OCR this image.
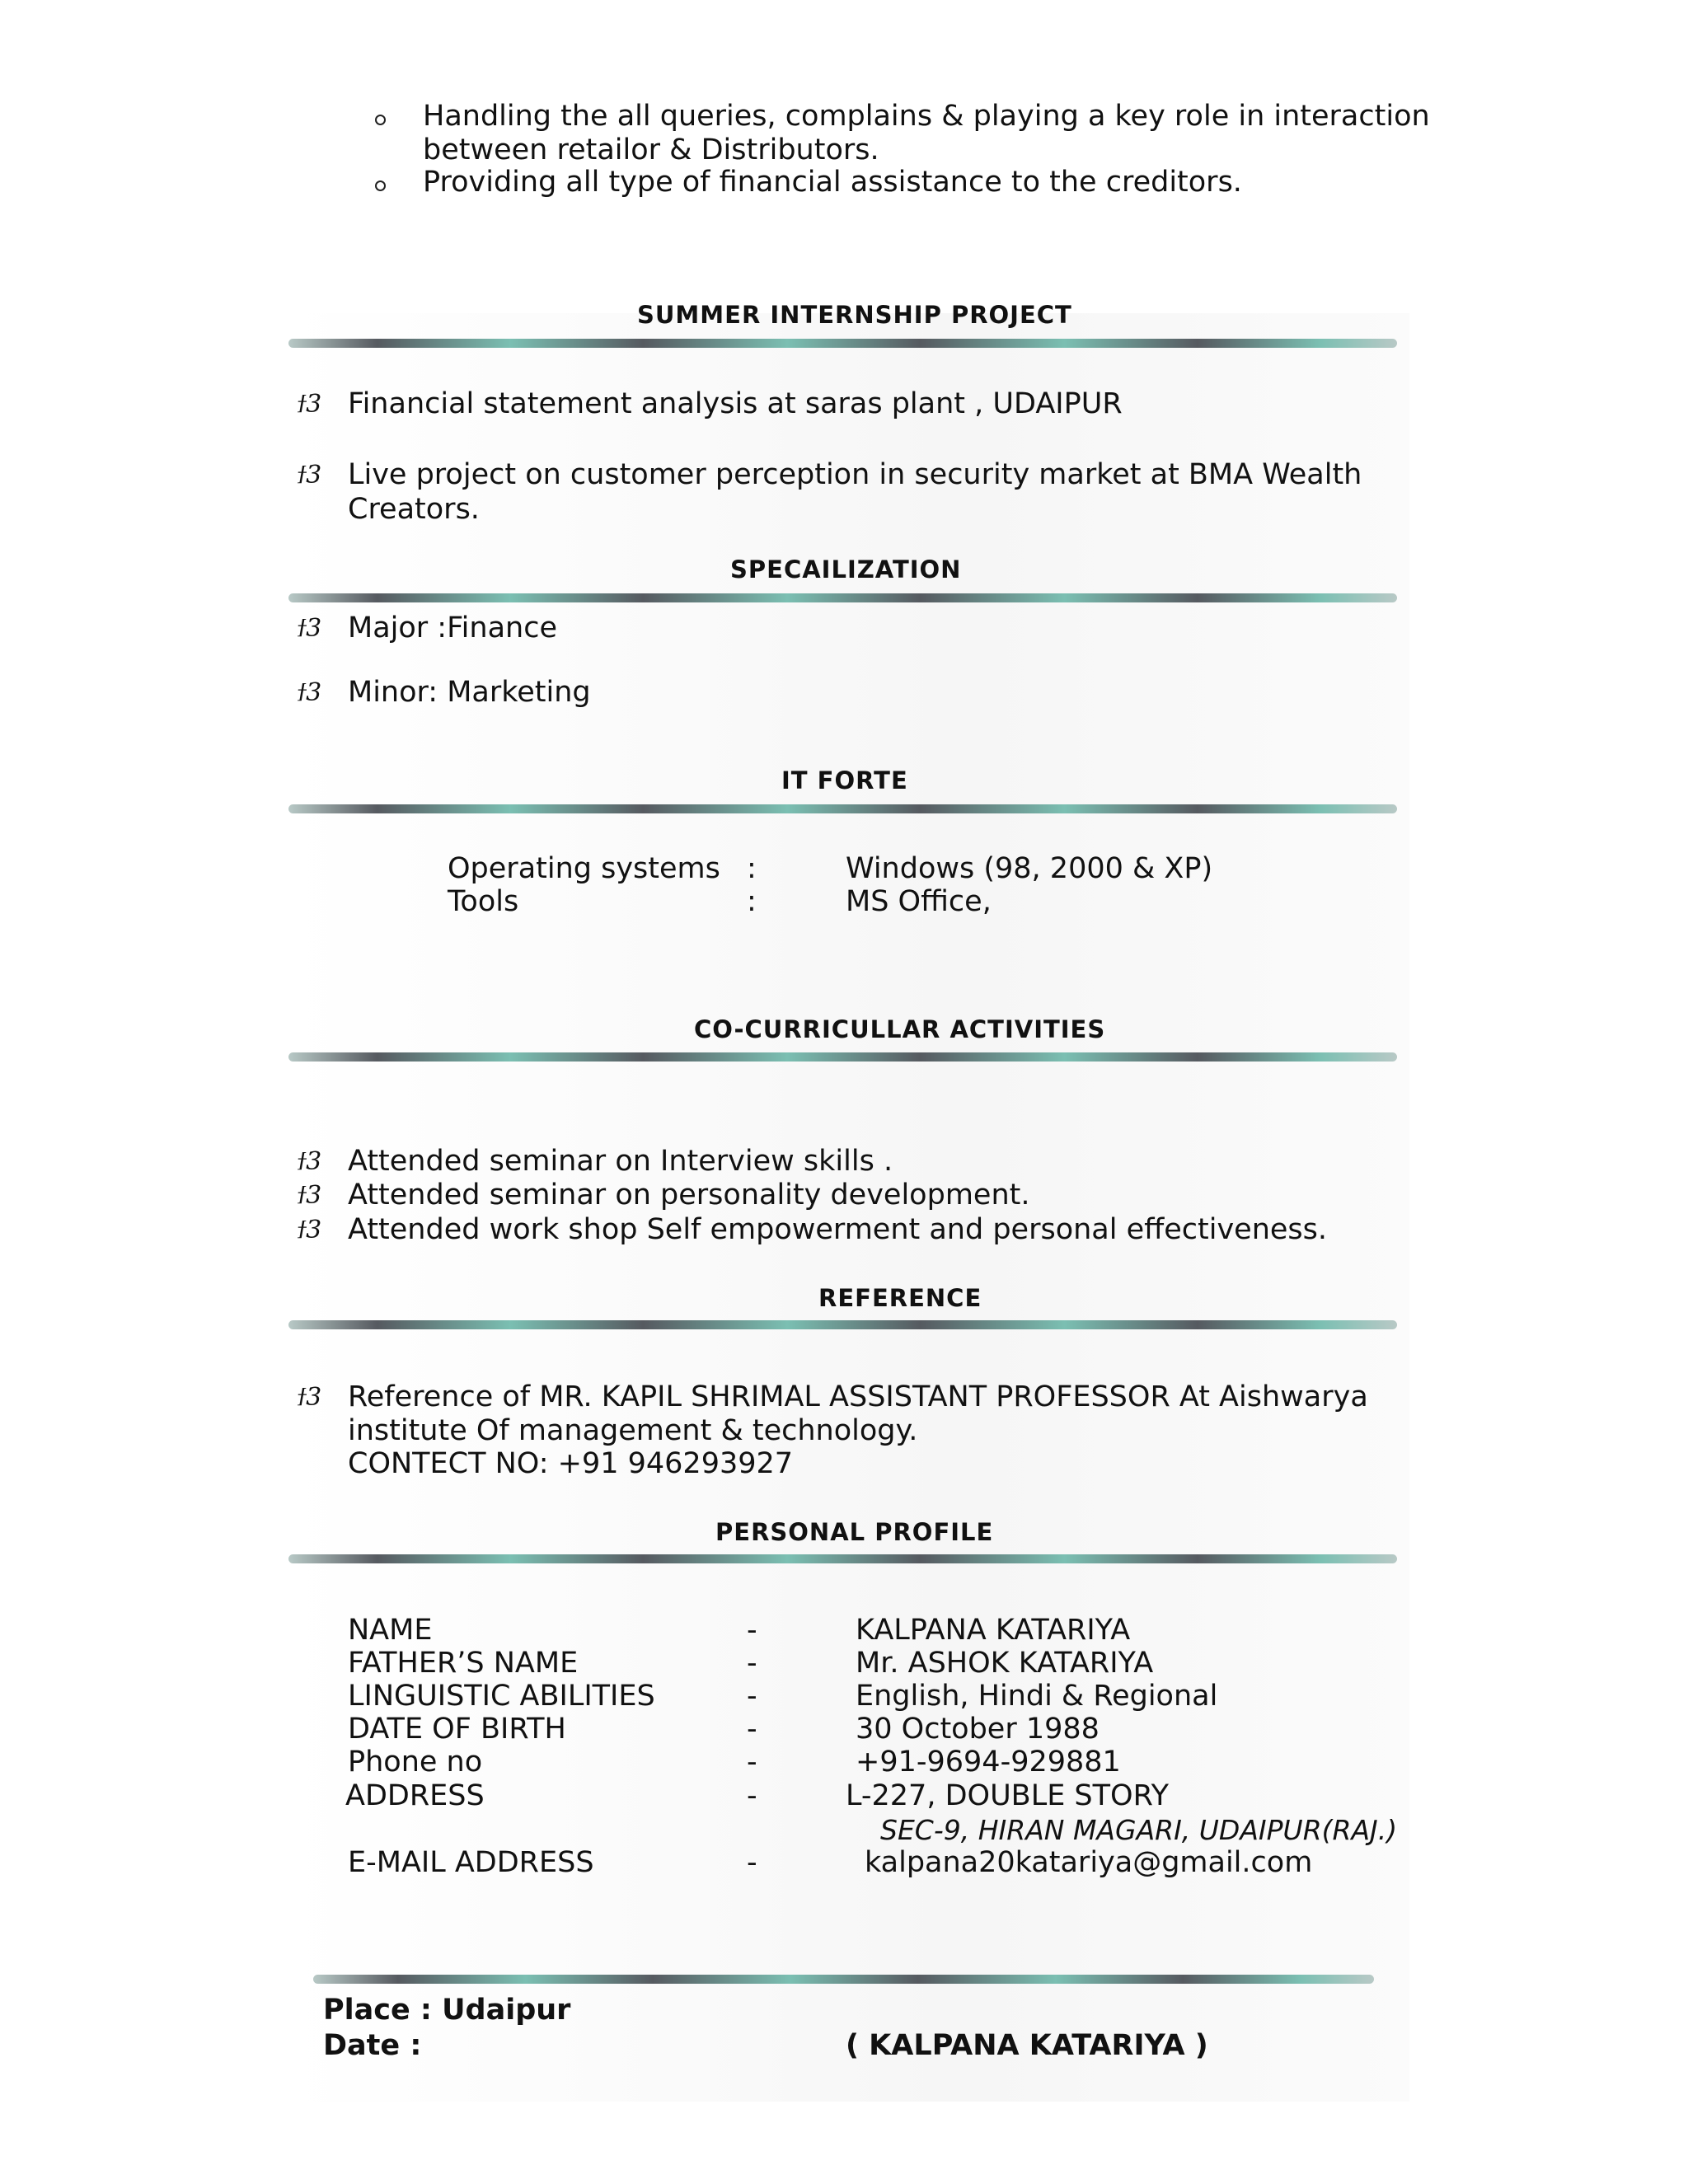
Handling the all queries, complains & playing a key role in interaction
between retailor & Distributors.
Providing all type of financial assistance to the creditors.
SUMMER INTERNSHIP PROJECT
ϯ3 Financial statement analysis at saras plant , UDAIPUR
ϯ3 Live project on customer perception in security market at BMA Wealth
Creators.
SPECAILIZATION
ϯ3 Major :Finance
ϯ3 Minor: Marketing
IT FORTE
Operating systems :	Windows (98, 2000 & XP)
Tools	:	MS Office,
CO-CURRICULLAR ACTIVITIES
ϯ3 Attended seminar on Interview skills .
ϯ3 Attended seminar on personality development.
ϯ3 Attended work shop Self empowerment and personal effectiveness.
REFERENCE
ϯ3 Reference of MR. KAPIL SHRIMAL ASSISTANT PROFESSOR At Aishwarya
institute Of management & technology.
CONTECT NO: +91 946293927
PERSONAL PROFILE
NAME	-	KALPANA KATARIYA
FATHER’S NAME	-	Mr. ASHOK KATARIYA
LINGUISTIC ABILITIES	-	English, Hindi & Regional
DATE OF BIRTH	-	30 October 1988
Phone no	-	+91-9694-929881
ADDRESS	-	L-227, DOUBLE STORY
SEC-9, HIRAN MAGARI, UDAIPUR(RAJ.)
E-MAIL ADDRESS	-	kalpana20katariya@gmail.com
Place : Udaipur
Date :	( KALPANA KATARIYA )
